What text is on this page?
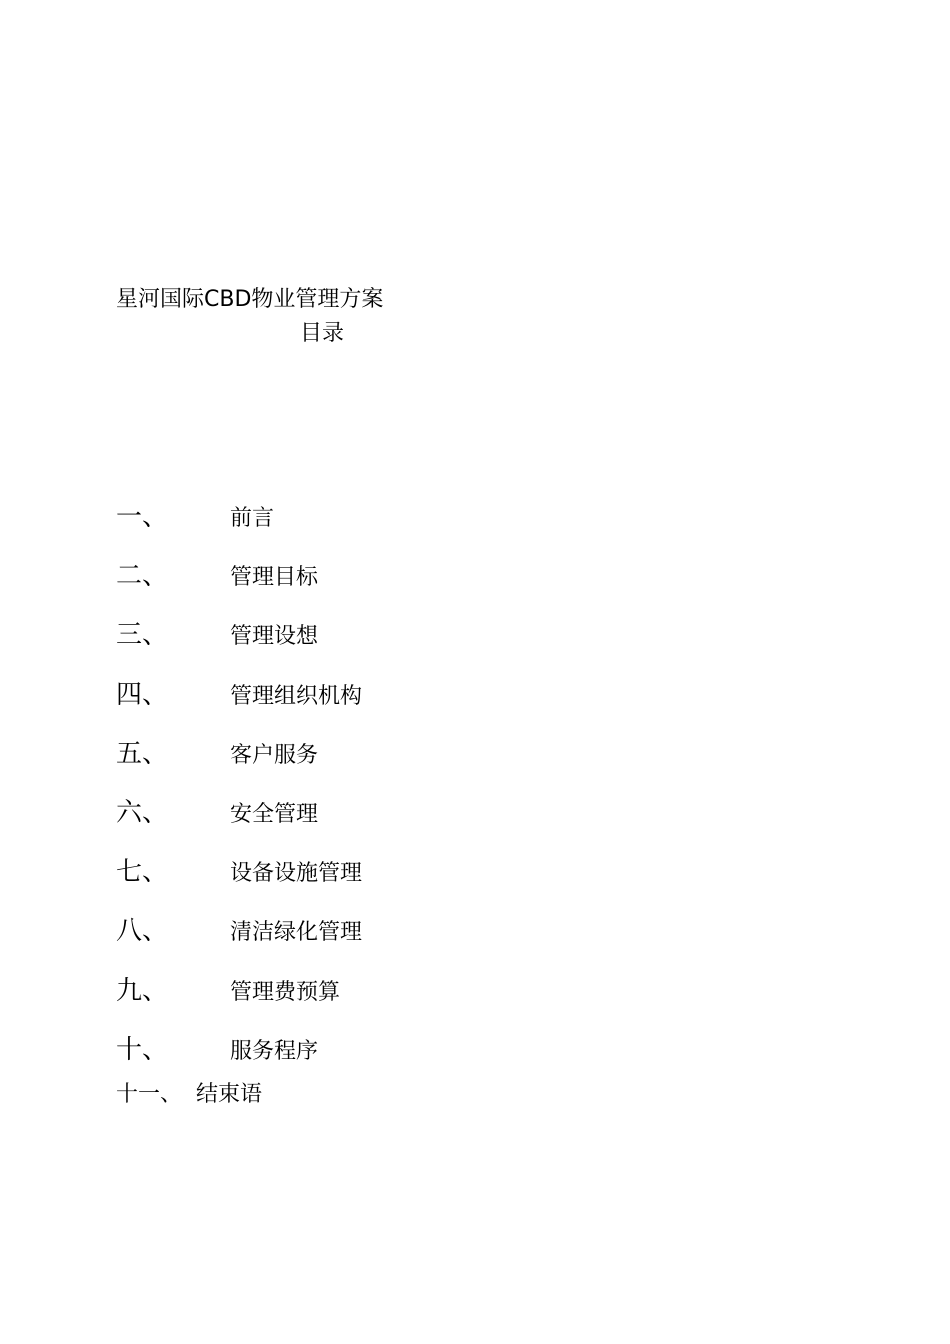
星河国际CBD物业管理方案
目录
一、	前言
二、	管理目标
三、	管理设想
四、	管理组织机构
五、	客户服务
六、	安全管理
七、	设备设施管理
八、	清洁绿化管理
九、	管理费预算
十、	服务程序
十一、 结束语
